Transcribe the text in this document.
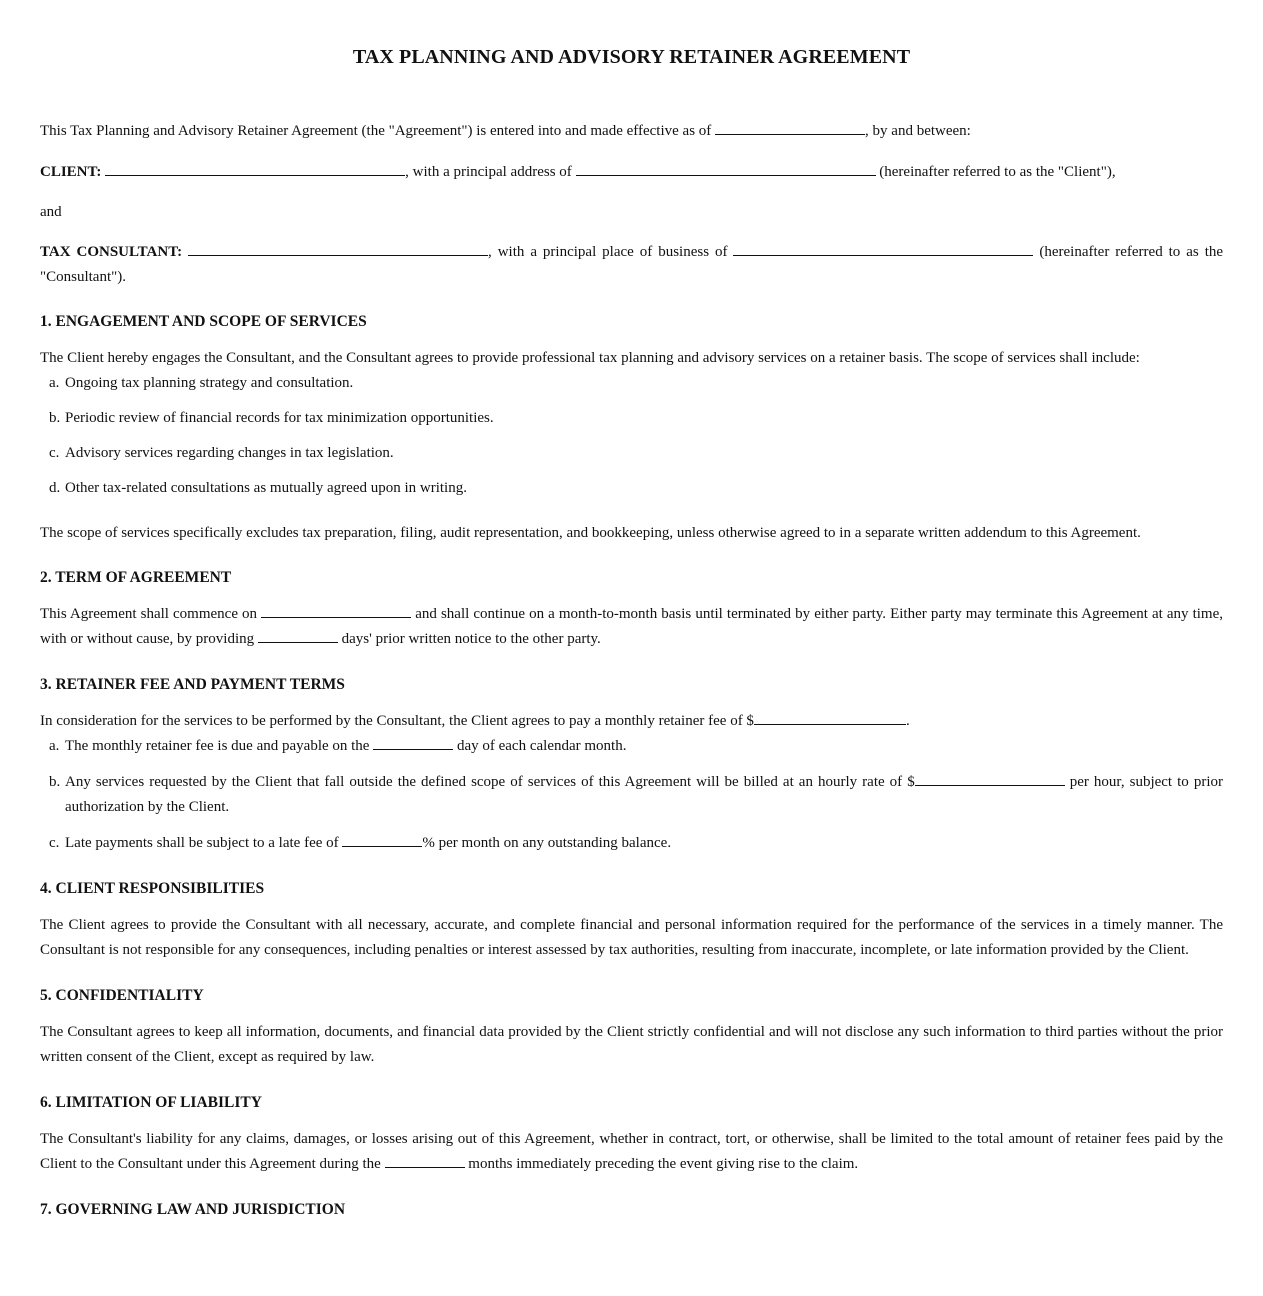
TAX PLANNING AND ADVISORY RETAINER AGREEMENT

This Tax Planning and Advisory Retainer Agreement (the "Agreement") is entered into and made effective as of	, by and between:

CLIENT:	, with a principal address of	(hereinafter referred to as the "Client"),

and

TAX CONSULTANT:	, with a principal place of business of	(hereinafter referred to as the "Consultant").

1. ENGAGEMENT AND SCOPE OF SERVICES

The Client hereby engages the Consultant, and the Consultant agrees to provide professional tax planning and advisory services on a retainer basis. The scope of services shall include:

a. Ongoing tax planning strategy and consultation.
b. Periodic review of financial records for tax minimization opportunities.
c. Advisory services regarding changes in tax legislation.
d. Other tax-related consultations as mutually agreed upon in writing.

The scope of services specifically excludes tax preparation, filing, audit representation, and bookkeeping, unless otherwise agreed to in a separate written addendum to this Agreement.

2. TERM OF AGREEMENT

This Agreement shall commence on	and shall continue on a month-to-month basis until terminated by either party. Either party may terminate this Agreement at any time, with or without cause, by providing	days' prior written notice to the other party.

3. RETAINER FEE AND PAYMENT TERMS

In consideration for the services to be performed by the Consultant, the Client agrees to pay a monthly retainer fee of $	.

a. The monthly retainer fee is due and payable on the	day of each calendar month.
b. Any services requested by the Client that fall outside the defined scope of services of this Agreement will be billed at an hourly rate of $	per hour, subject to prior authorization by the Client.
c. Late payments shall be subject to a late fee of	% per month on any outstanding balance.
4. CLIENT RESPONSIBILITIES

The Client agrees to provide the Consultant with all necessary, accurate, and complete financial and personal information required for the performance of the services in a timely manner. The Consultant is not responsible for any consequences, including penalties or interest assessed by tax authorities, resulting from inaccurate, incomplete, or late information provided by the Client.

5. CONFIDENTIALITY

The Consultant agrees to keep all information, documents, and financial data provided by the Client strictly confidential and will not disclose any such information to third parties without the prior written consent of the Client, except as required by law.

6. LIMITATION OF LIABILITY

The Consultant's liability for any claims, damages, or losses arising out of this Agreement, whether in contract, tort, or otherwise, shall be limited to the total amount of retainer fees paid by the Client to the Consultant under this Agreement during the	months immediately preceding the event giving rise to the claim.

7. GOVERNING LAW AND JURISDICTION
